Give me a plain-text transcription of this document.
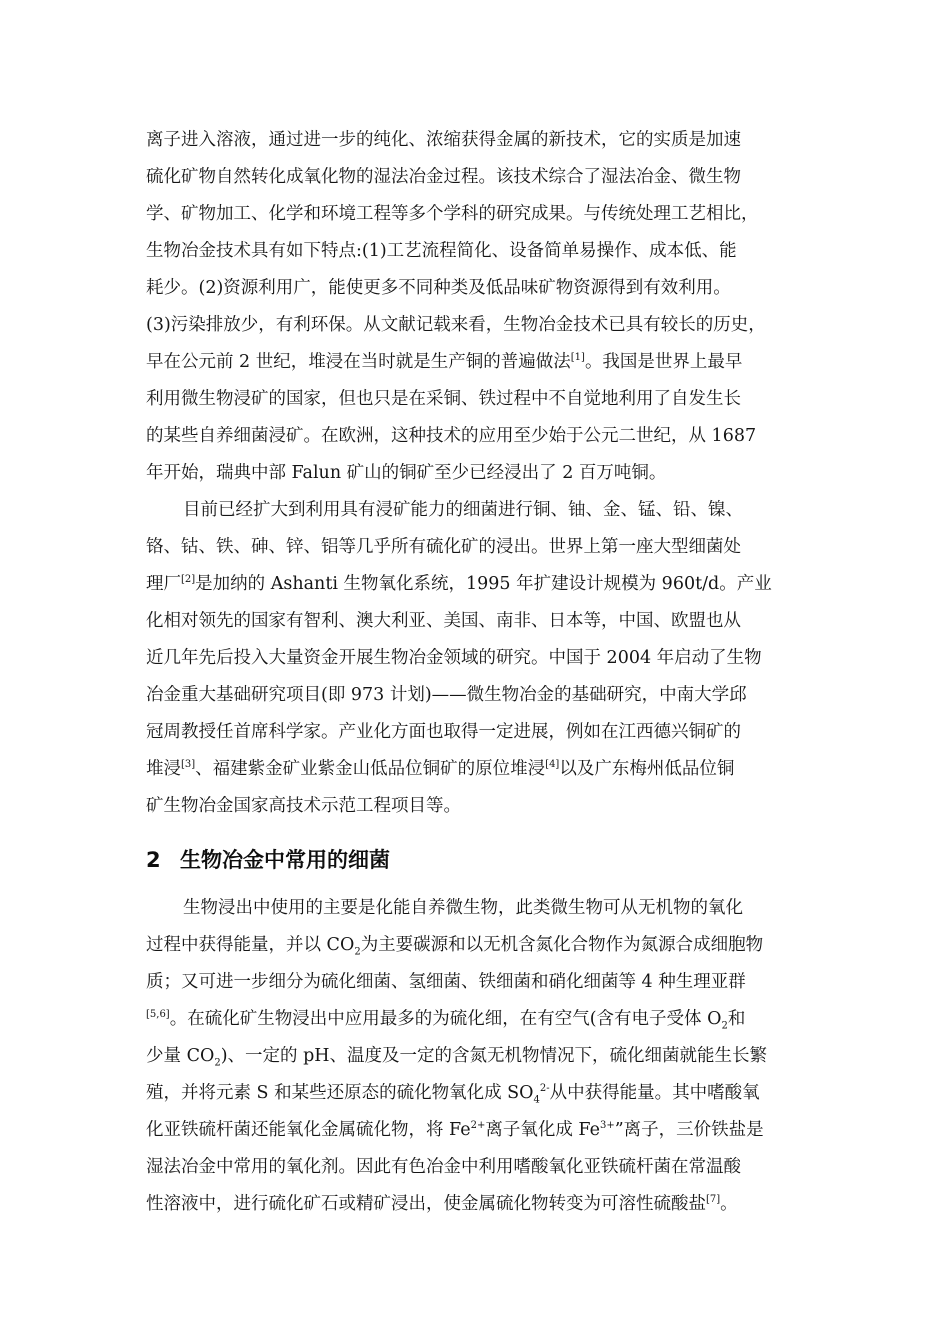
离子进入溶液，通过进一步的纯化、浓缩获得金属的新技术，它的实质是加速
硫化矿物自然转化成氧化物的湿法冶金过程。该技术综合了湿法冶金、微生物
学、矿物加工、化学和环境工程等多个学科的研究成果。与传统处理工艺相比，
生物冶金技术具有如下特点:(1)工艺流程简化、设备简单易操作、成本低、能
耗少。(2)资源利用广，能使更多不同种类及低品味矿物资源得到有效利用。
(3)污染排放少，有利环保。从文献记载来看，生物冶金技术已具有较长的历史，
早在公元前 2 世纪，堆浸在当时就是生产铜的普遍做法[1]。我国是世界上最早
利用微生物浸矿的国家，但也只是在采铜、铁过程中不自觉地利用了自发生长
的某些自养细菌浸矿。在欧洲，这种技术的应用至少始于公元二世纪，从 1687
年开始，瑞典中部 Falun 矿山的铜矿至少已经浸出了 2 百万吨铜。
目前已经扩大到利用具有浸矿能力的细菌进行铜、铀、金、锰、铅、镍、
铬、钴、铁、砷、锌、铝等几乎所有硫化矿的浸出。世界上第一座大型细菌处
理厂[2]是加纳的 Ashanti 生物氧化系统，1995 年扩建设计规模为 960t/d。产业
化相对领先的国家有智利、澳大利亚、美国、南非、日本等，中国、欧盟也从
近几年先后投入大量资金开展生物冶金领域的研究。中国于 2004 年启动了生物
冶金重大基础研究项目(即 973 计划)——微生物冶金的基础研究，中南大学邱
冠周教授任首席科学家。产业化方面也取得一定进展，例如在江西德兴铜矿的
堆浸[3]、福建紫金矿业紫金山低品位铜矿的原位堆浸[4]以及广东梅州低品位铜
矿生物冶金国家高技术示范工程项目等。
2 生物冶金中常用的细菌
生物浸出中使用的主要是化能自养微生物，此类微生物可从无机物的氧化
过程中获得能量，并以 $CO_2$为主要碳源和以无机含氮化合物作为氮源合成细胞物
质；又可进一步细分为硫化细菌、氢细菌、铁细菌和硝化细菌等 4 种生理亚群
[5,6]。在硫化矿生物浸出中应用最多的为硫化细，在有空气(含有电子受体 $O_2$和
少量 $CO_2$)、一定的 pH、温度及一定的含氮无机物情况下，硫化细菌就能生长繁
殖，并将元素 S 和某些还原态的硫化物氧化成 $SO_4^{2-}$从中获得能量。其中嗜酸氧
化亚铁硫杆菌还能氧化金属硫化物，将 $Fe^{2+}$离子氧化成 $Fe^{3+}$”离子，三价铁盐是
湿法冶金中常用的氧化剂。因此有色冶金中利用嗜酸氧化亚铁硫杆菌在常温酸
性溶液中，进行硫化矿石或精矿浸出，使金属硫化物转变为可溶性硫酸盐[7]。
